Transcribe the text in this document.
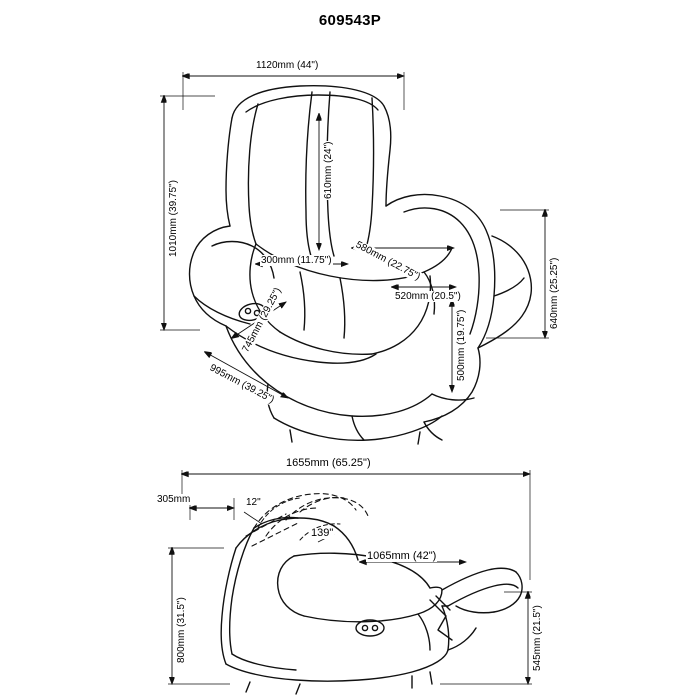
609543P
1120mm (44")
1010mm (39.75")
610mm (24")
580mm (22.75")
300mm (11.75")
520mm (20.5")
500mm (19.75")
640mm (25.25")
995mm (39.25")
745mm (29.25")
1655mm (65.25")
305mm	12"
139"
1065mm (42")
800mm (31.5")	545mm (21.5")
